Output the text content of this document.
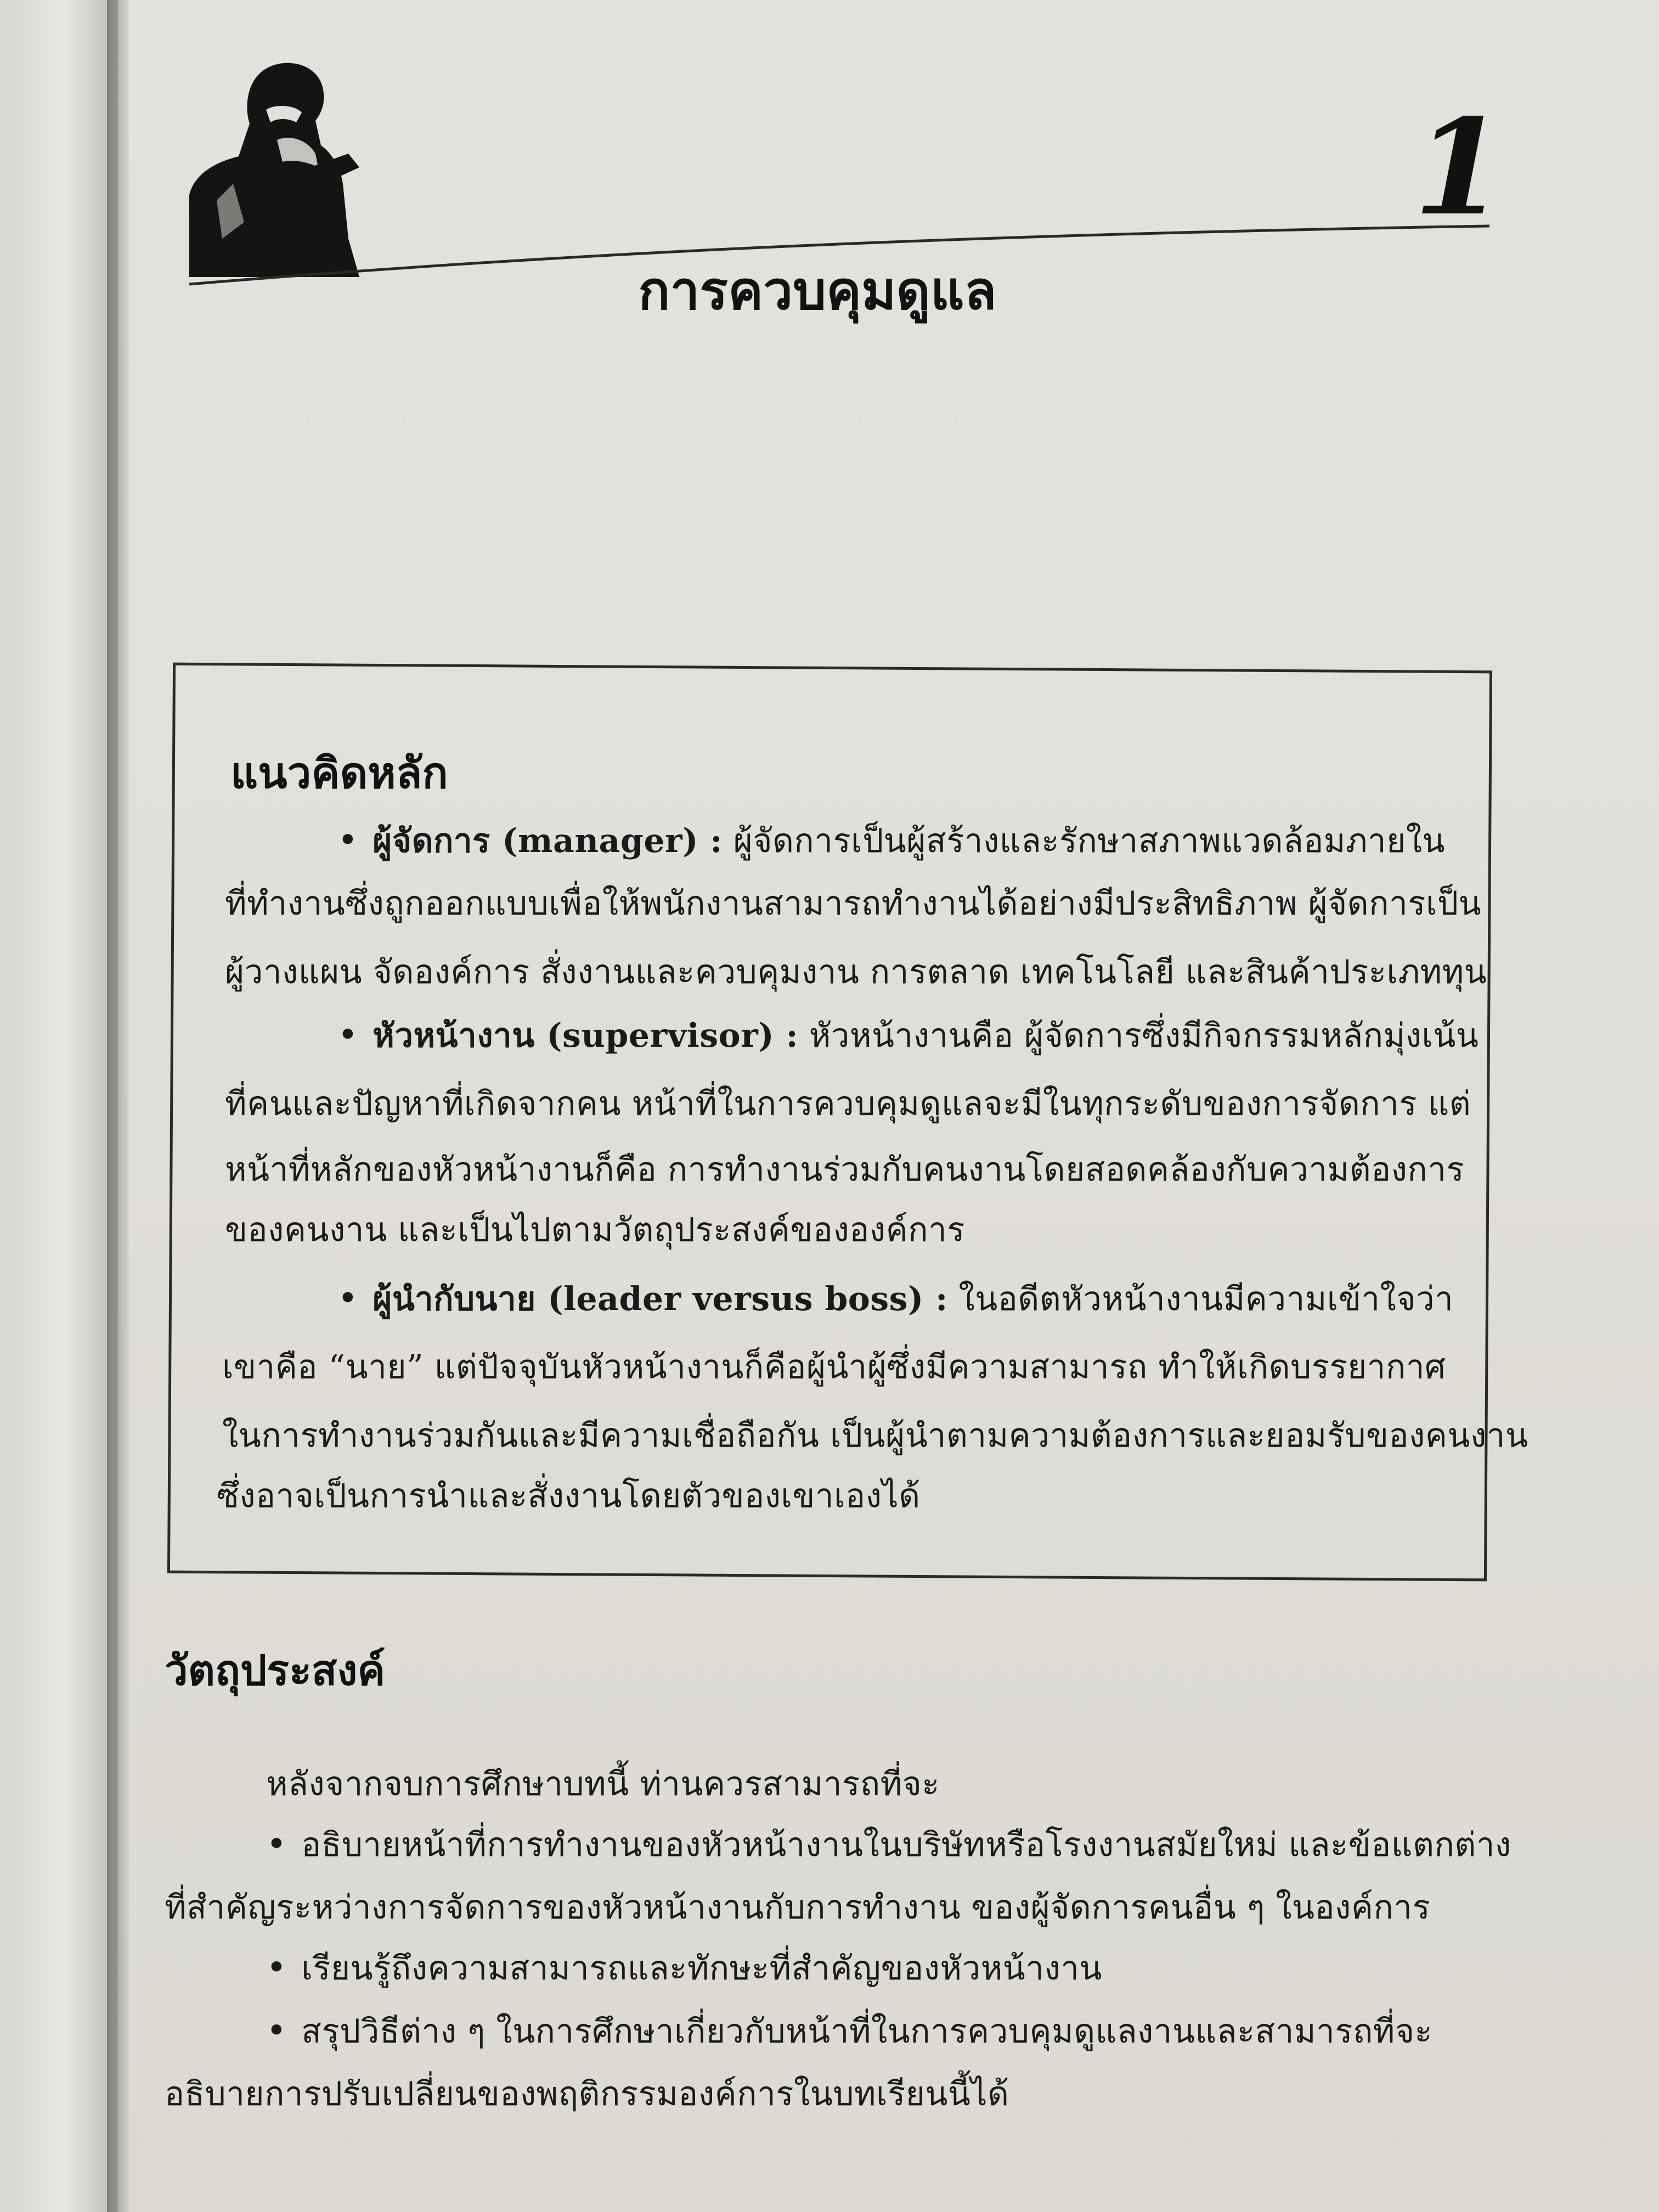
1
การควบคุมดูแล
แนวคิดหลัก
• ผู้จัดการ (manager) : ผู้จัดการเป็นผู้สร้างและรักษาสภาพแวดล้อมภายใน
ที่ทำงานซึ่งถูกออกแบบเพื่อให้พนักงานสามารถทำงานได้อย่างมีประสิทธิภาพ ผู้จัดการเป็น
ผู้วางแผน จัดองค์การ สั่งงานและควบคุมงาน การตลาด เทคโนโลยี และสินค้าประเภททุน
• หัวหน้างาน (supervisor) : หัวหน้างานคือ ผู้จัดการซึ่งมีกิจกรรมหลักมุ่งเน้น
ที่คนและปัญหาที่เกิดจากคน หน้าที่ในการควบคุมดูแลจะมีในทุกระดับของการจัดการ แต่
หน้าที่หลักของหัวหน้างานก็คือ การทำงานร่วมกับคนงานโดยสอดคล้องกับความต้องการ
ของคนงาน และเป็นไปตามวัตถุประสงค์ขององค์การ
• ผู้นำกับนาย (leader versus boss) : ในอดีตหัวหน้างานมีความเข้าใจว่า
เขาคือ “นาย” แต่ปัจจุบันหัวหน้างานก็คือผู้นำผู้ซึ่งมีความสามารถ ทำให้เกิดบรรยากาศ
ในการทำงานร่วมกันและมีความเชื่อถือกัน เป็นผู้นำตามความต้องการและยอมรับของคนงาน
ซึ่งอาจเป็นการนำและสั่งงานโดยตัวของเขาเองได้
วัตถุประสงค์
หลังจากจบการศึกษาบทนี้ ท่านควรสามารถที่จะ
• อธิบายหน้าที่การทำงานของหัวหน้างานในบริษัทหรือโรงงานสมัยใหม่ และข้อแตกต่าง
ที่สำคัญระหว่างการจัดการของหัวหน้างานกับการทำงาน ของผู้จัดการคนอื่น ๆ ในองค์การ
• เรียนรู้ถึงความสามารถและทักษะที่สำคัญของหัวหน้างาน
• สรุปวิธีต่าง ๆ ในการศึกษาเกี่ยวกับหน้าที่ในการควบคุมดูแลงานและสามารถที่จะ
อธิบายการปรับเปลี่ยนของพฤติกรรมองค์การในบทเรียนนี้ได้
